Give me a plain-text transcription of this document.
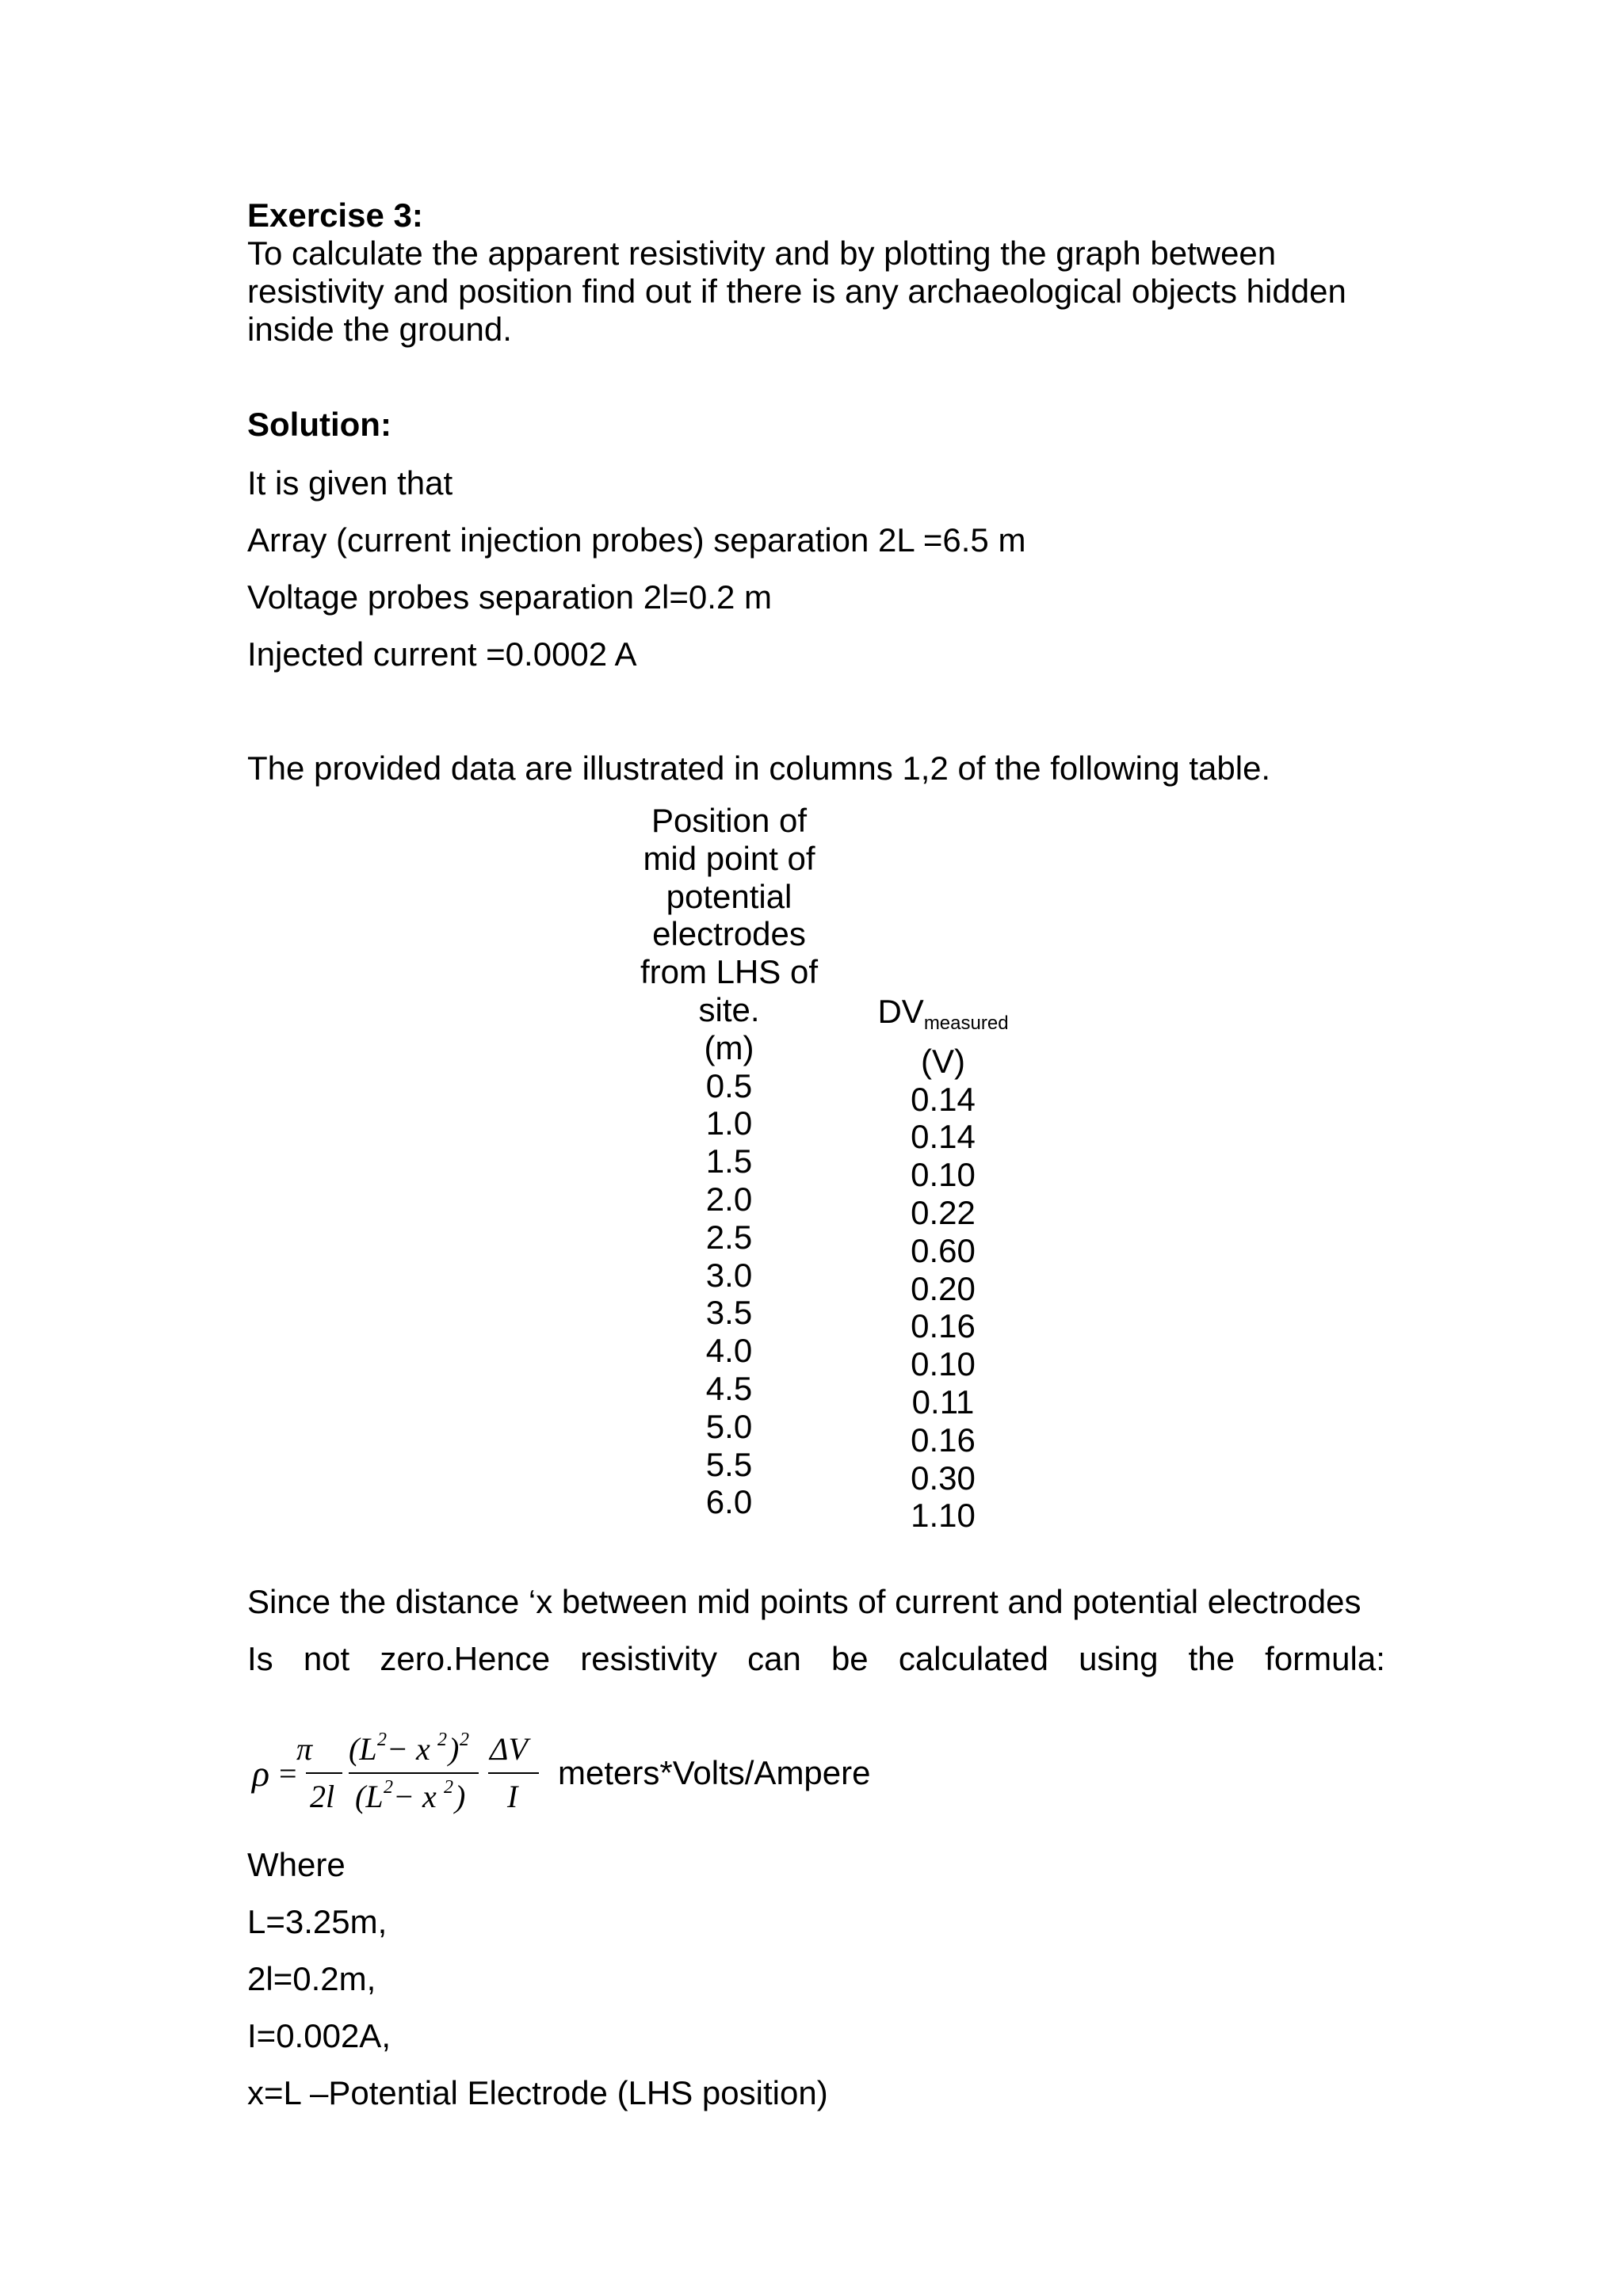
Exercise 3:
To calculate the apparent resistivity and by plotting the graph between
resistivity and position find out if there is any archaeological objects hidden
inside the ground.
Solution:
It is given that
Array (current injection probes) separation 2L =6.5 m
Voltage probes separation 2l=0.2 m
Injected current =0.0002 A
The provided data are illustrated in columns 1,2 of the following table.
Position of
mid point of
potential
electrodes
from LHS of
site.
(m)
0.5
1.0
1.5
2.0
2.5
3.0
3.5
4.0
4.5
5.0
5.5
6.0
$DV_{measured}$
(V)
0.14
0.14
0.10
0.22
0.60
0.20
0.16
0.10
0.11
0.16
0.30
1.10
Since the distance ‘x between mid points of current and potential electrodes
Is not zero.Hence resistivity can be calculated using the formula:
ρ =
π
2l
(L 2 − x 2 ) 2
(L 2 − x 2 )
ΔV
I
meters*Volts/Ampere
Where
L=3.25m,
2l=0.2m,
I=0.002A,
x=L –Potential Electrode (LHS position)
